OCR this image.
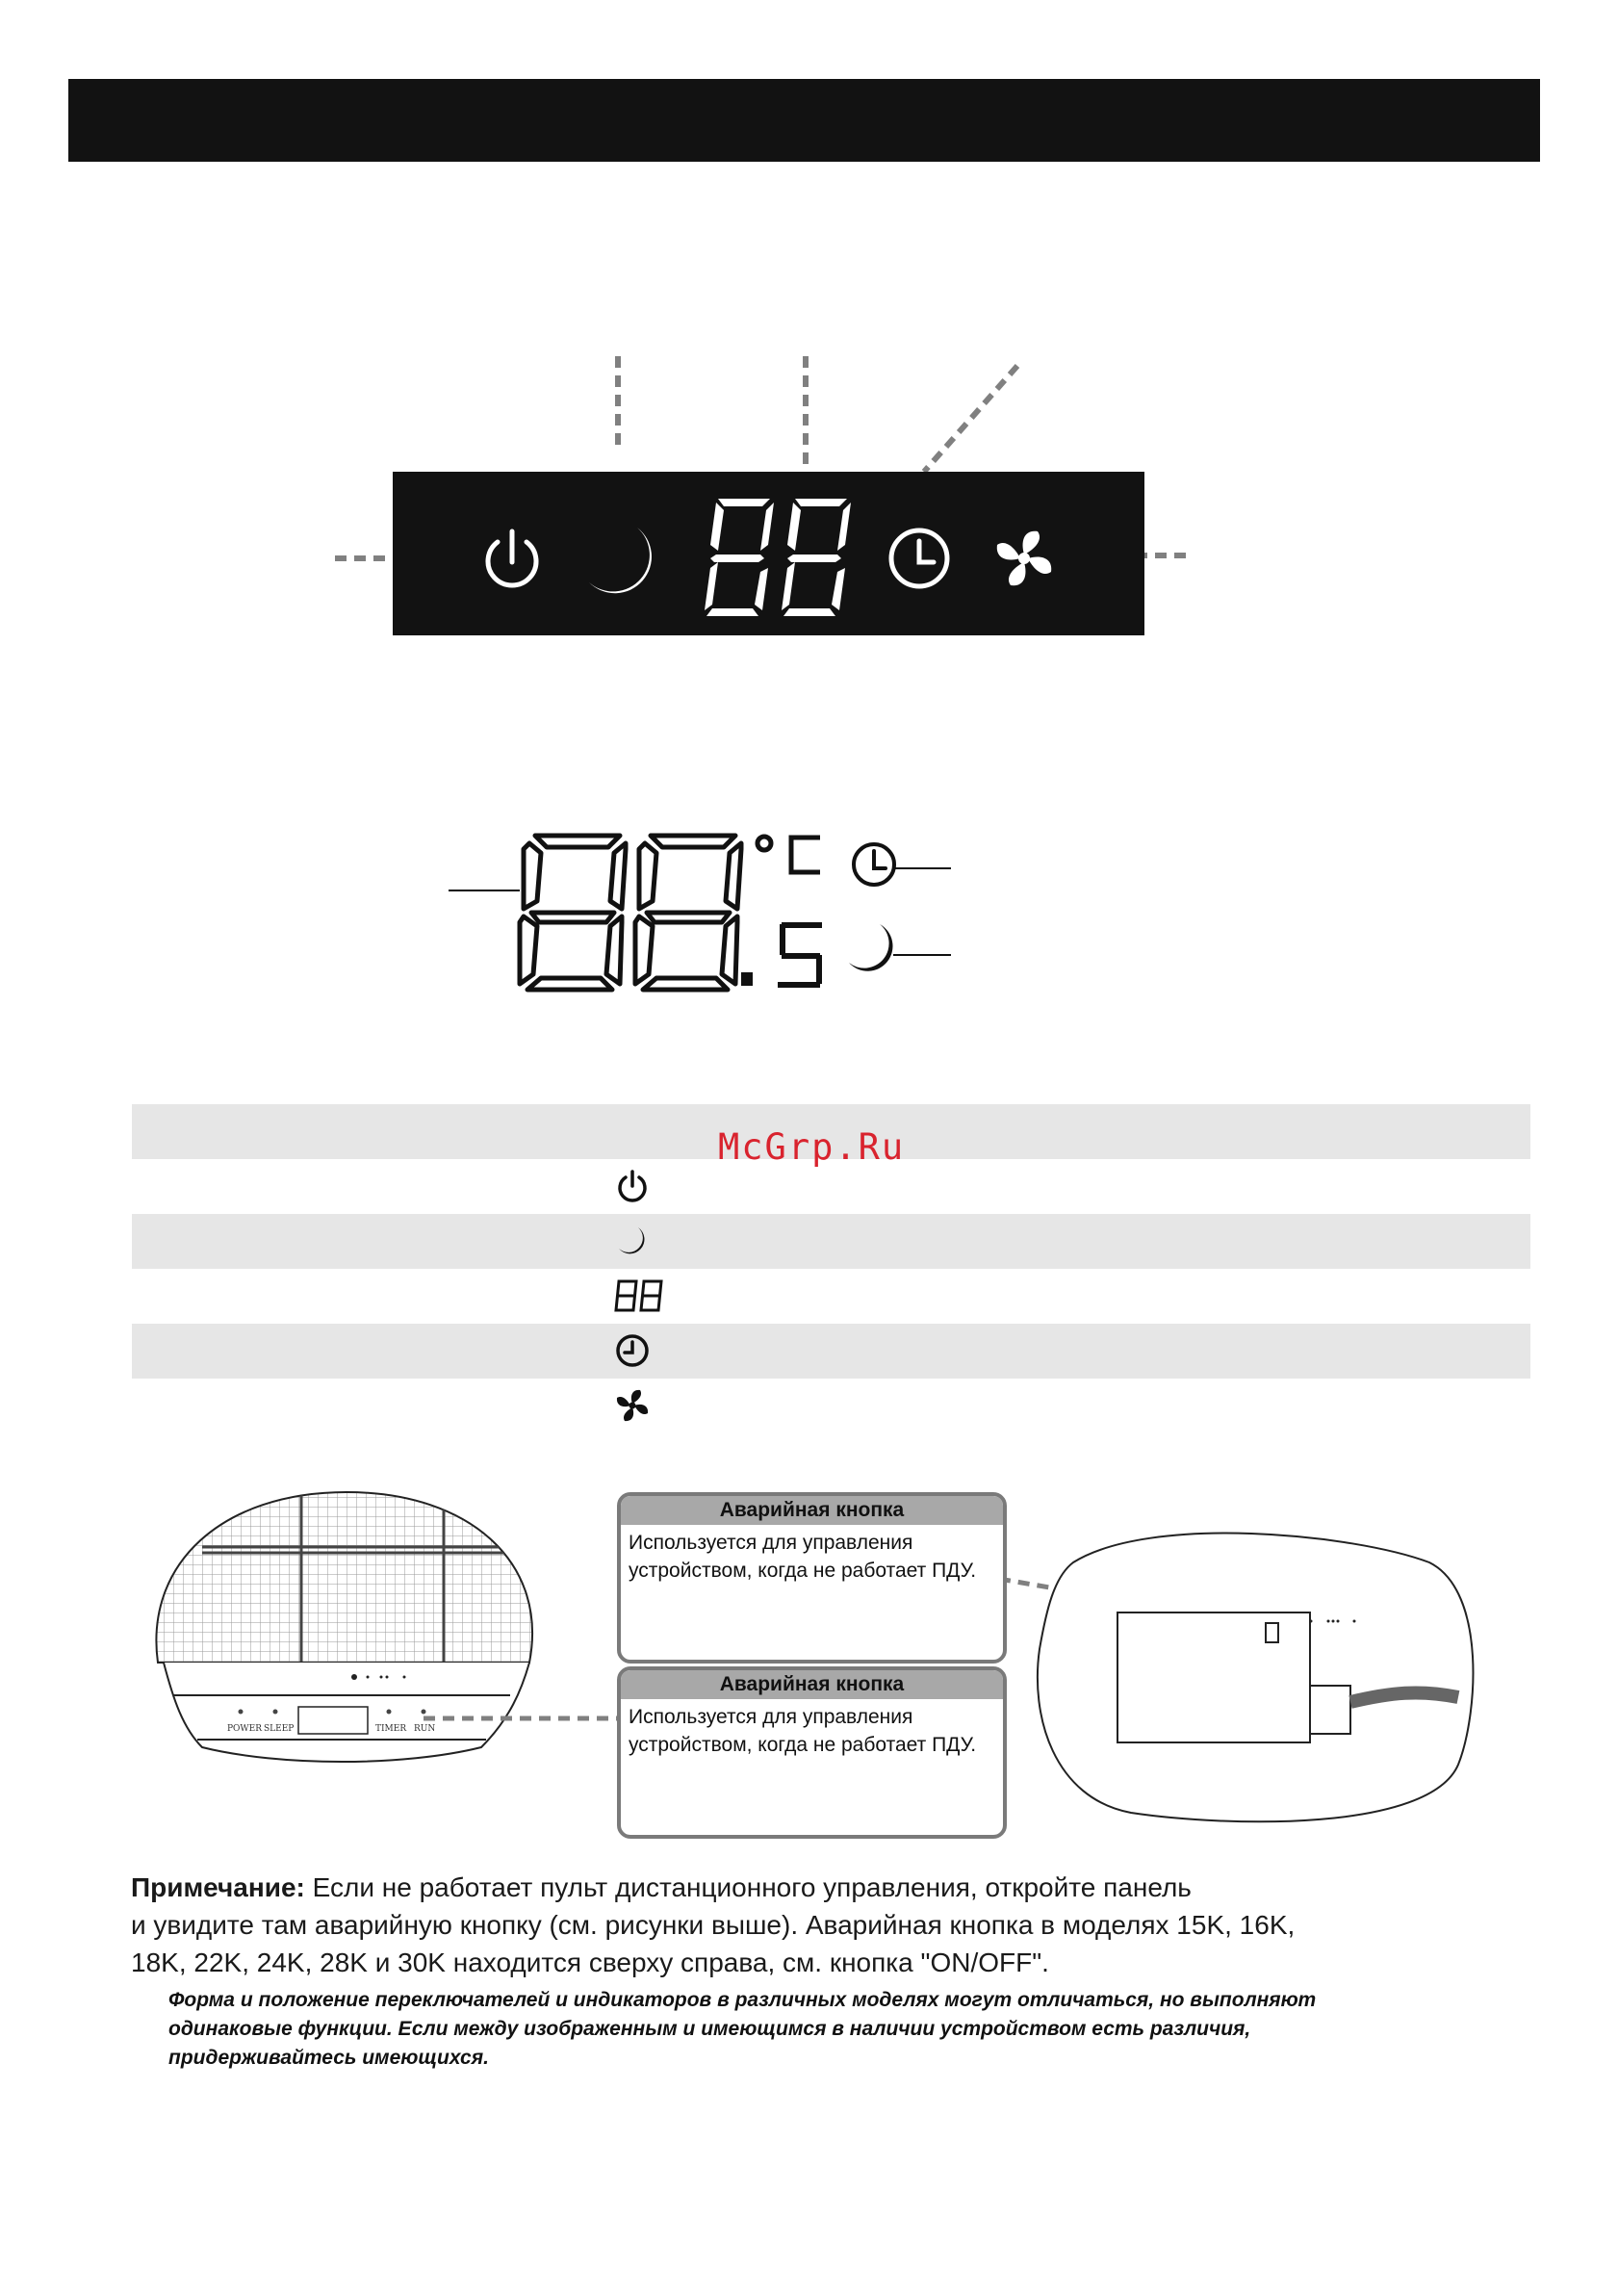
McGrp.Ru
POWER SLEEP	TIMER RUN
Аварийная кнопка
Используется для управления устройством, когда не работает ПДУ.
Аварийная кнопка
Используется для управления устройством, когда не работает ПДУ.
Примечание: Если не работает пульт дистанционного управления, откройте панель
и увидите там аварийную кнопку (см. рисунки выше). Аварийная кнопка в моделях 15K, 16K,
18K, 22K, 24K, 28K и 30K находится сверху справа, см. кнопка "ON/OFF".
Форма и положение переключателей и индикаторов в различных моделях могут отличаться, но выполняют
одинаковые функции. Если между изображенным и имеющимся в наличии устройством есть различия,
придерживайтесь имеющихся.
